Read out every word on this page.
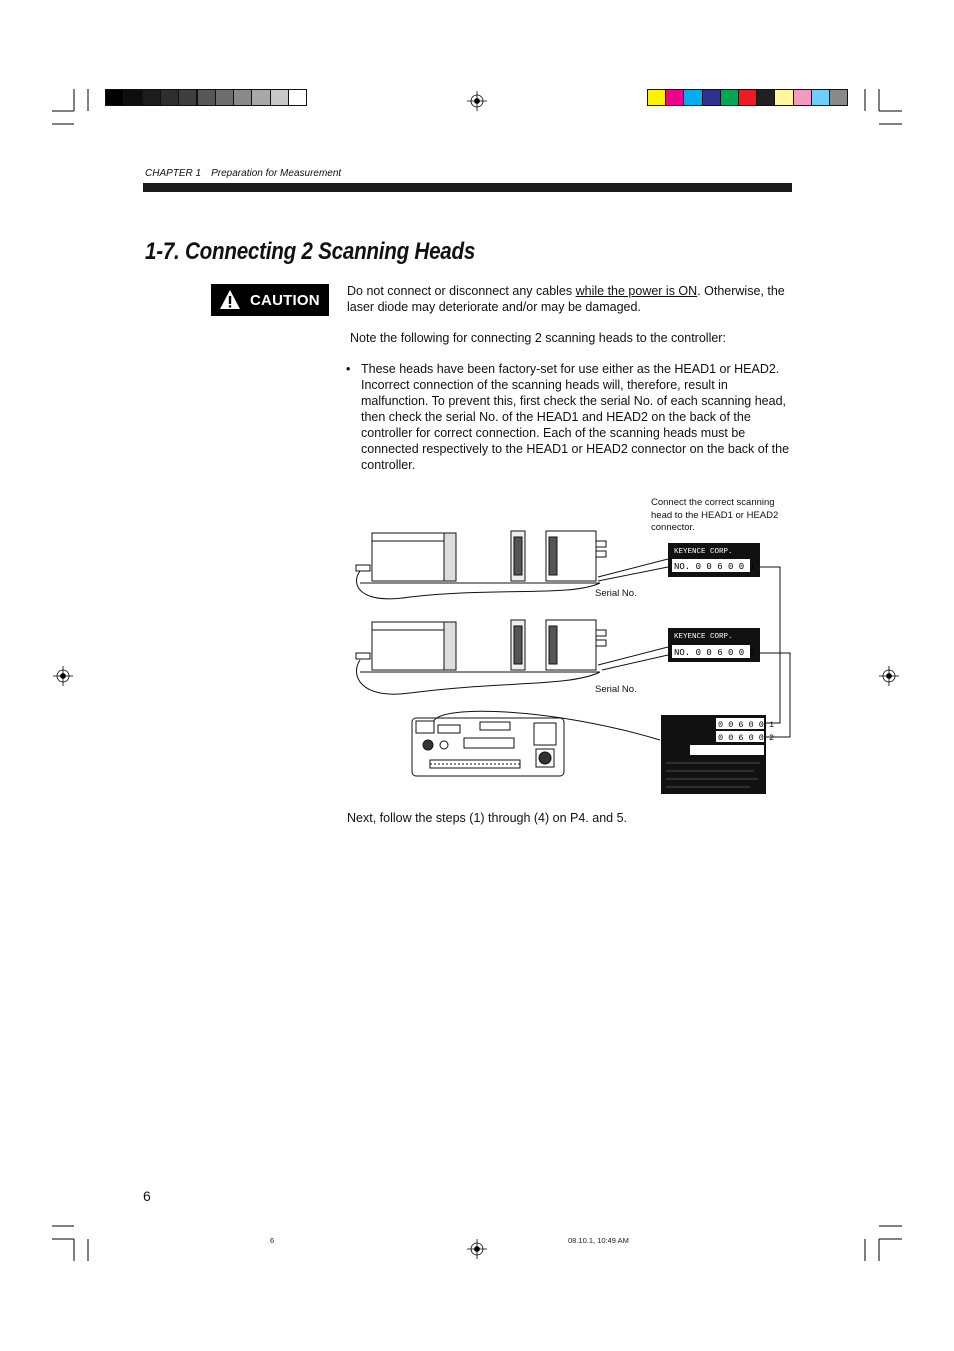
CHAPTER 1 Preparation for Measurement
1-7. Connecting 2 Scanning Heads
CAUTION
Do not connect or disconnect any cables while the power is ON. Otherwise, the laser diode may deteriorate and/or may be damaged.
Note the following for connecting 2 scanning heads to the controller:
• These heads have been factory-set for use either as the HEAD1 or HEAD2. Incorrect connection of the scanning heads will, therefore, result in malfunction. To prevent this, first check the serial No. of each scanning head, then check the serial No. of the HEAD1 and HEAD2 on the back of the controller for correct connection. Each of the scanning heads must be connected respectively to the HEAD1 or HEAD2 connector on the back of the controller.
Connect the correct scanning head to the HEAD1 or HEAD2 connector.
KEYENCE CORP.
NO. 0 0 6 0 0 1
KEYENCE CORP.
NO. 0 0 6 0 0 2
0 0 6 0 0 1
0 0 6 0 0 2
Serial No.
Serial No.
Next, follow the steps (1) through (4) on P4. and 5.
6
6	08.10.1, 10:49 AM
